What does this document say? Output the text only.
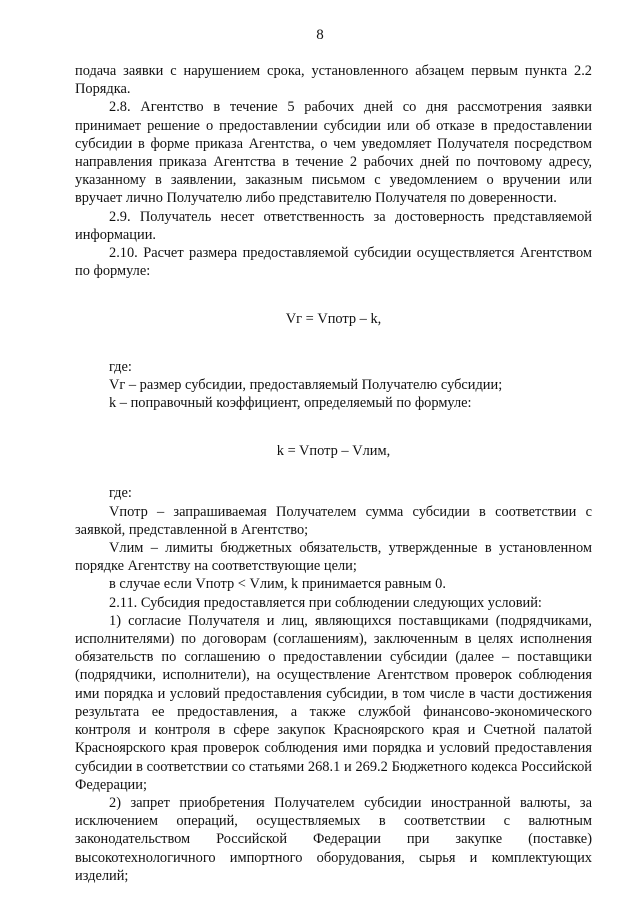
8

подача заявки с нарушением срока, установленного абзацем первым пункта 2.2 Порядка.

2.8. Агентство в течение 5 рабочих дней со дня рассмотрения заявки принимает решение о предоставлении субсидии или об отказе в предоставлении субсидии в форме приказа Агентства, о чем уведомляет Получателя посредством направления приказа Агентства в течение 2 рабочих дней по почтовому адресу, указанному в заявлении, заказным письмом с уведомлением о вручении или вручает лично Получателю либо представителю Получателя по доверенности.

2.9. Получатель несет ответственность за достоверность представляемой информации.

2.10. Расчет размера предоставляемой субсидии осуществляется Агентством по формуле:

Vг = Vпотр – k,

где:

Vг – размер субсидии, предоставляемый Получателю субсидии;

k – поправочный коэффициент, определяемый по формуле:

k = Vпотр – Vлим,

где:

Vпотр – запрашиваемая Получателем сумма субсидии в соответствии с заявкой, представленной в Агентство;

Vлим – лимиты бюджетных обязательств, утвержденные в установленном порядке Агентству на соответствующие цели;

в случае если Vпотр < Vлим, k принимается равным 0.

2.11. Субсидия предоставляется при соблюдении следующих условий:

1) согласие Получателя и лиц, являющихся поставщиками (подрядчиками, исполнителями) по договорам (соглашениям), заключенным в целях исполнения обязательств по соглашению о предоставлении субсидии (далее – поставщики (подрядчики, исполнители), на осуществление Агентством проверок соблюдения ими порядка и условий предоставления субсидии, в том числе в части достижения результата ее предоставления, а также службой финансово-экономического контроля и контроля в сфере закупок Красноярского края и Счетной палатой Красноярского края проверок соблюдения ими порядка и условий предоставления субсидии в соответствии со статьями 268.1 и 269.2 Бюджетного кодекса Российской Федерации;

2) запрет приобретения Получателем субсидии иностранной валюты, за исключением операций, осуществляемых в соответствии с валютным законодательством Российской Федерации при закупке (поставке) высокотехнологичного импортного оборудования, сырья и комплектующих изделий;
